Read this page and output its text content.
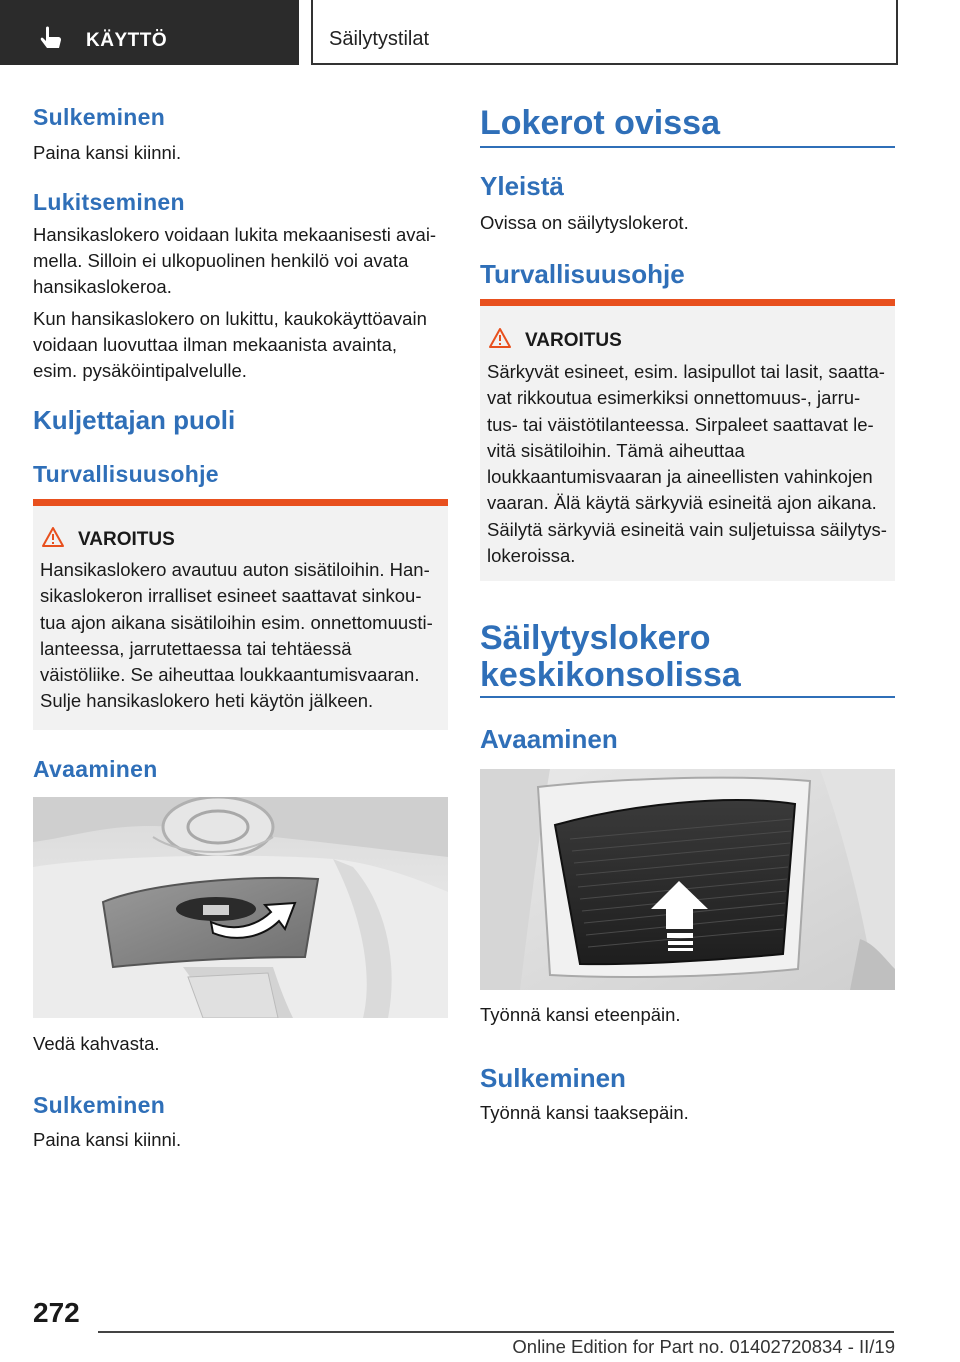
KÄYTTÖ	Säilytystilat
Sulkeminen

Paina kansi kiinni.

Lukitseminen
Hansikaslokero voidaan lukita mekaanisesti avai-
mella. Silloin ei ulkopuolinen henkilö voi avata
hansikaslokeroa.
Kun hansikaslokero on lukittu, kaukokäyttöavain
voidaan luovuttaa ilman mekaanista avainta,
esim. pysäköintipalvelulle.
Kuljettajan puoli
Turvallisuusohje
VAROITUS
Hansikaslokero avautuu auton sisätiloihin. Han-
sikaslokeron irralliset esineet saattavat sinkou-
tua ajon aikana sisätiloihin esim. onnettomuusti-
lanteessa, jarrutettaessa tai tehtäessä
väistöliike. Se aiheuttaa loukkaantumisvaaran.
Sulje hansikaslokero heti käytön jälkeen.
Avaaminen

Vedä kahvasta.

Sulkeminen

Paina kansi kiinni.

Lokerot ovissa
Yleistä

Ovissa on säilytyslokerot.

Turvallisuusohje
VAROITUS
Särkyvät esineet, esim. lasipullot tai lasit, saatta-
vat rikkoutua esimerkiksi onnettomuus-, jarru-
tus- tai väistötilanteessa. Sirpaleet saattavat le-
vitä sisätiloihin. Tämä aiheuttaa
loukkaantumisvaaran ja aineellisten vahinkojen
vaaran. Älä käytä särkyviä esineitä ajon aikana.
Säilytä särkyviä esineitä vain suljetuissa säilytys-
lokeroissa.
Säilytyslokero
keskikonsolissa
Avaaminen

Työnnä kansi eteenpäin.

Sulkeminen

Työnnä kansi taaksepäin.

272
Online Edition for Part no. 01402720834 - II/19
